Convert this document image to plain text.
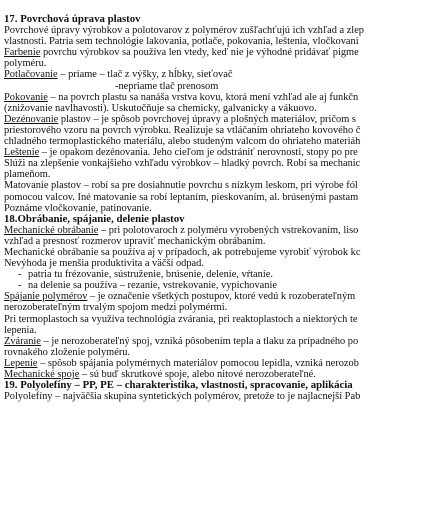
17. Povrchová úprava plastov
Povrchové úpravy výrobkov a polotovarov z polymérov zušľachťujú ich vzhľad a zlep
vlastnosti. Patria sem technológie lakovania, potlače, pokovania, leštenia, vločkovani
Farbenie povrchu výrobkov sa používa len vtedy, keď nie je výhodné pridávať pigme
polyméru.
Potlačovanie – priame – tlač z výšky, z hĺbky, sieťovač
-nepriame tlač prenosom
Pokovanie – na povrch plastu sa nanáša vrstva kovu, ktorá mení vzhľad ale aj funkčn
(znižovanie navlhavosti). Uskutočňuje sa chemicky, galvanicky a vákuovo.
Dezénovanie plastov – je spôsob povrchovej úpravy a plošných materiálov, pričom s
priestorového vzoru na povrch výrobku. Realizuje sa vtláčaním ohriateho kovového č
chladného termoplastického materiálu, alebo studeným valcom do ohriateho materiáh
Leštenie – je opakom dezénovania. Jeho cieľom je odstrániť nerovnosti, stopy po pre
Slúži na zlepšenie vonkajšieho vzhľadu výrobkov – hladký povrch. Robí sa mechanic
plameňom.
Matovanie plastov – robí sa pre dosiahnutie povrchu s nízkym leskom, pri výrobe fól
pomocou valcov. Iné matovanie sa robí leptaním, pieskovaním, al. brúsenými pastam
Poznáme vločkovanie, patinovanie.
18.Obrábanie, spájanie, delenie plastov
Mechanické obrábanie – pri polotovaroch z polyméru vyrobených vstrekovaním, liso
vzhľad a presnosť rozmerov upraviť mechanickým obrábaním.
Mechanické obrábanie sa používa aj v prípadoch, ak potrebujeme vyrobiť výrobok kc
Nevýhoda je menšia produktivita a väčší odpad.
- patria tu frézovanie, sústruženie, brúsenie, delenie, vŕtanie.
- na delenie sa používa – rezanie, vstrekovanie, vypichovanie
Spájanie polymérov – je označenie všetkých postupov, ktoré vedú k rozoberateľným
nerozoberateľným trvalým spojom medzi polymérmi.
Pri termoplastoch sa využíva technológia zvárania, pri reaktoplastoch a niektorých te
lepenia.
Zváranie – je nerozoberateľný spoj, vzniká pôsobením tepla a tlaku za prípadného po
rovnakého zloženie polyméru.
Lepenie – spôsob spájania polymérnych materiálov pomocou lepidla, vzniká nerozob
Mechanické spoje – sú buď skrutkové spoje, alebo nitové nerozoberateľné.
19. Polyolefíny – PP, PE – charakteristika, vlastnosti, spracovanie, aplikácia
Polyolefíny – najväčšia skupina syntetických polymérov, pretože to je najlacnejší Pab
